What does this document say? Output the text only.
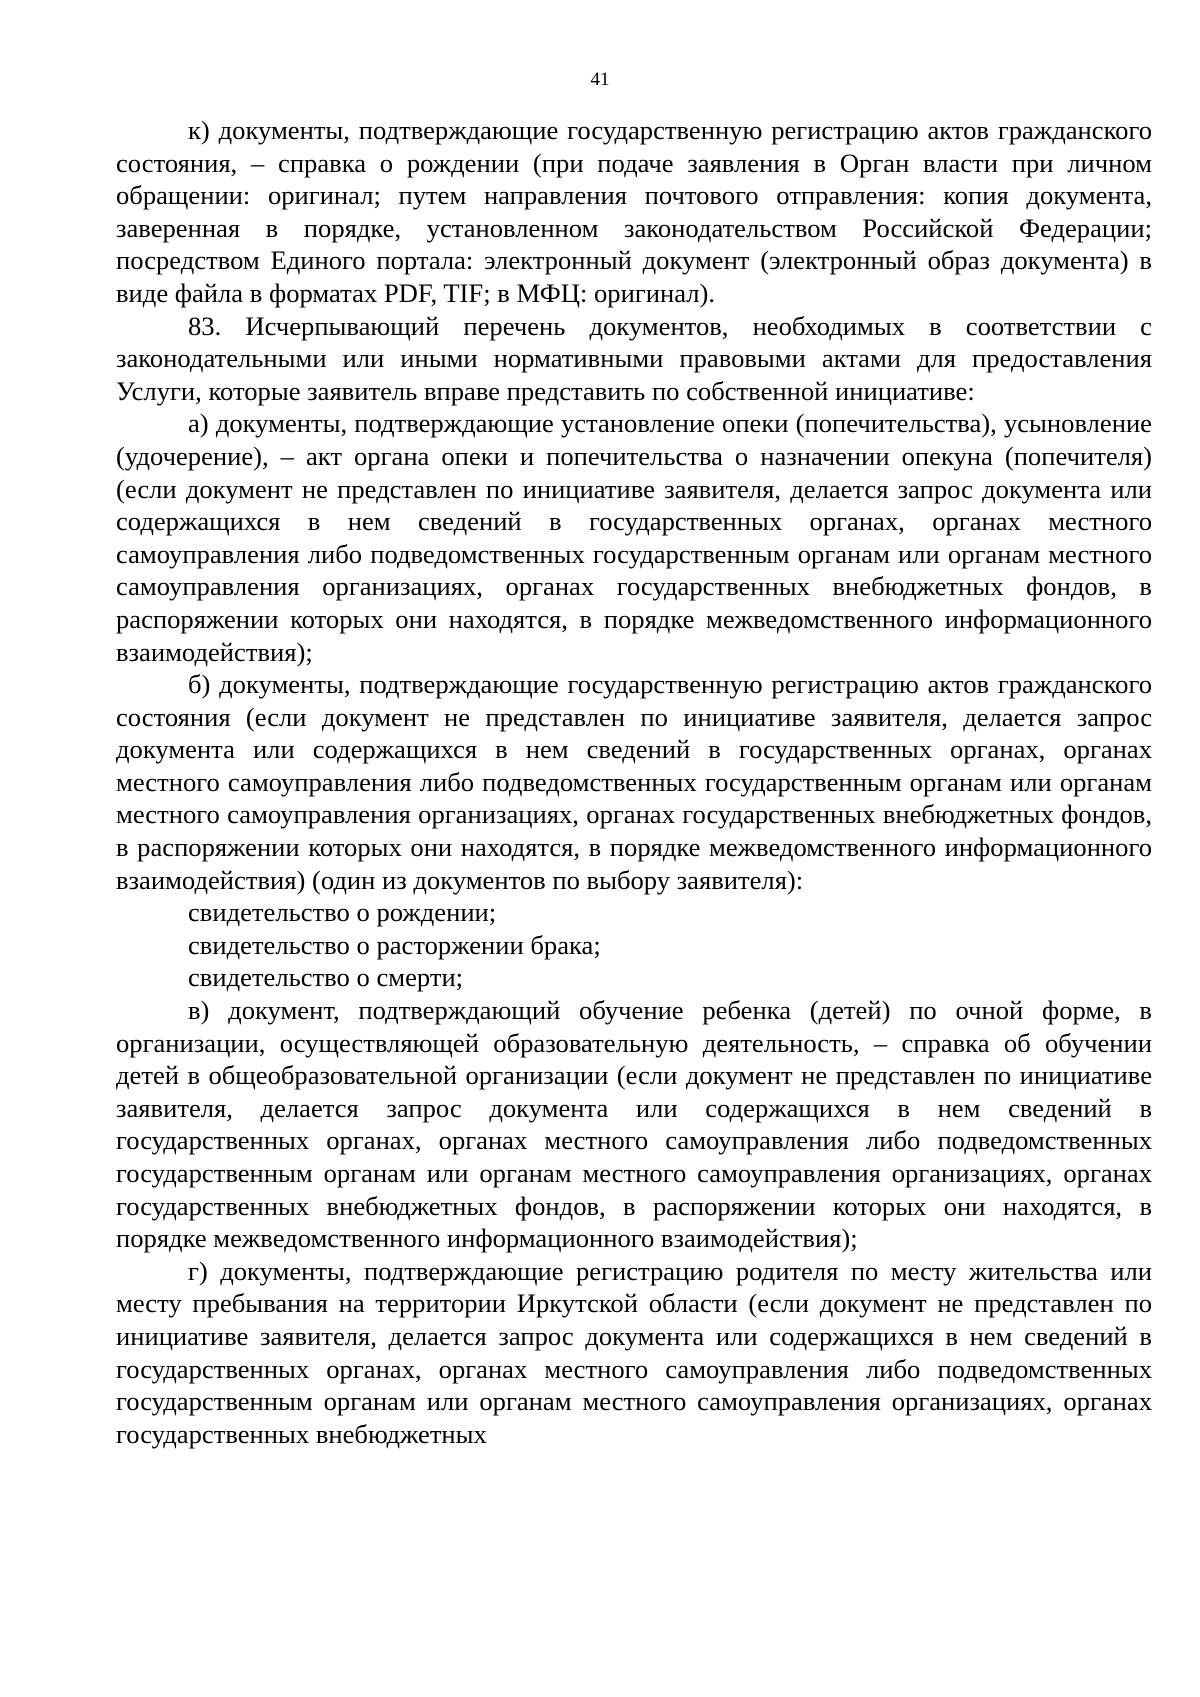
41

к) документы, подтверждающие государственную регистрацию актов гражданского состояния, – справка о рождении (при подаче заявления в Орган власти при личном обращении: оригинал; путем направления почтового отправления: копия документа, заверенная в порядке, установленном законодательством Российской Федерации; посредством Единого портала: электронный документ (электронный образ документа) в виде файла в форматах PDF, TIF; в МФЦ: оригинал).

83. Исчерпывающий перечень документов, необходимых в соответствии с законодательными или иными нормативными правовыми актами для предоставления Услуги, которые заявитель вправе представить по собственной инициативе:

а) документы, подтверждающие установление опеки (попечительства), усыновление (удочерение), – акт органа опеки и попечительства о назначении опекуна (попечителя) (если документ не представлен по инициативе заявителя, делается запрос документа или содержащихся в нем сведений в государственных органах, органах местного самоуправления либо подведомственных государственным органам или органам местного самоуправления организациях, органах государственных внебюджетных фондов, в распоряжении которых они находятся, в порядке межведомственного информационного взаимодействия);

б) документы, подтверждающие государственную регистрацию актов гражданского состояния (если документ не представлен по инициативе заявителя, делается запрос документа или содержащихся в нем сведений в государственных органах, органах местного самоуправления либо подведомственных государственным органам или органам местного самоуправления организациях, органах государственных внебюджетных фондов, в распоряжении которых они находятся, в порядке межведомственного информационного взаимодействия) (один из документов по выбору заявителя):

свидетельство о рождении;

свидетельство о расторжении брака;

свидетельство о смерти;

в) документ, подтверждающий обучение ребенка (детей) по очной форме, в организации, осуществляющей образовательную деятельность, – справка об обучении детей в общеобразовательной организации (если документ не представлен по инициативе заявителя, делается запрос документа или содержащихся в нем сведений в государственных органах, органах местного самоуправления либо подведомственных государственным органам или органам местного самоуправления организациях, органах государственных внебюджетных фондов, в распоряжении которых они находятся, в порядке межведомственного информационного взаимодействия);

г) документы, подтверждающие регистрацию родителя по месту жительства или месту пребывания на территории Иркутской области (если документ не представлен по инициативе заявителя, делается запрос документа или содержащихся в нем сведений в государственных органах, органах местного самоуправления либо подведомственных государственным органам или органам местного самоуправления организациях, органах государственных внебюджетных
